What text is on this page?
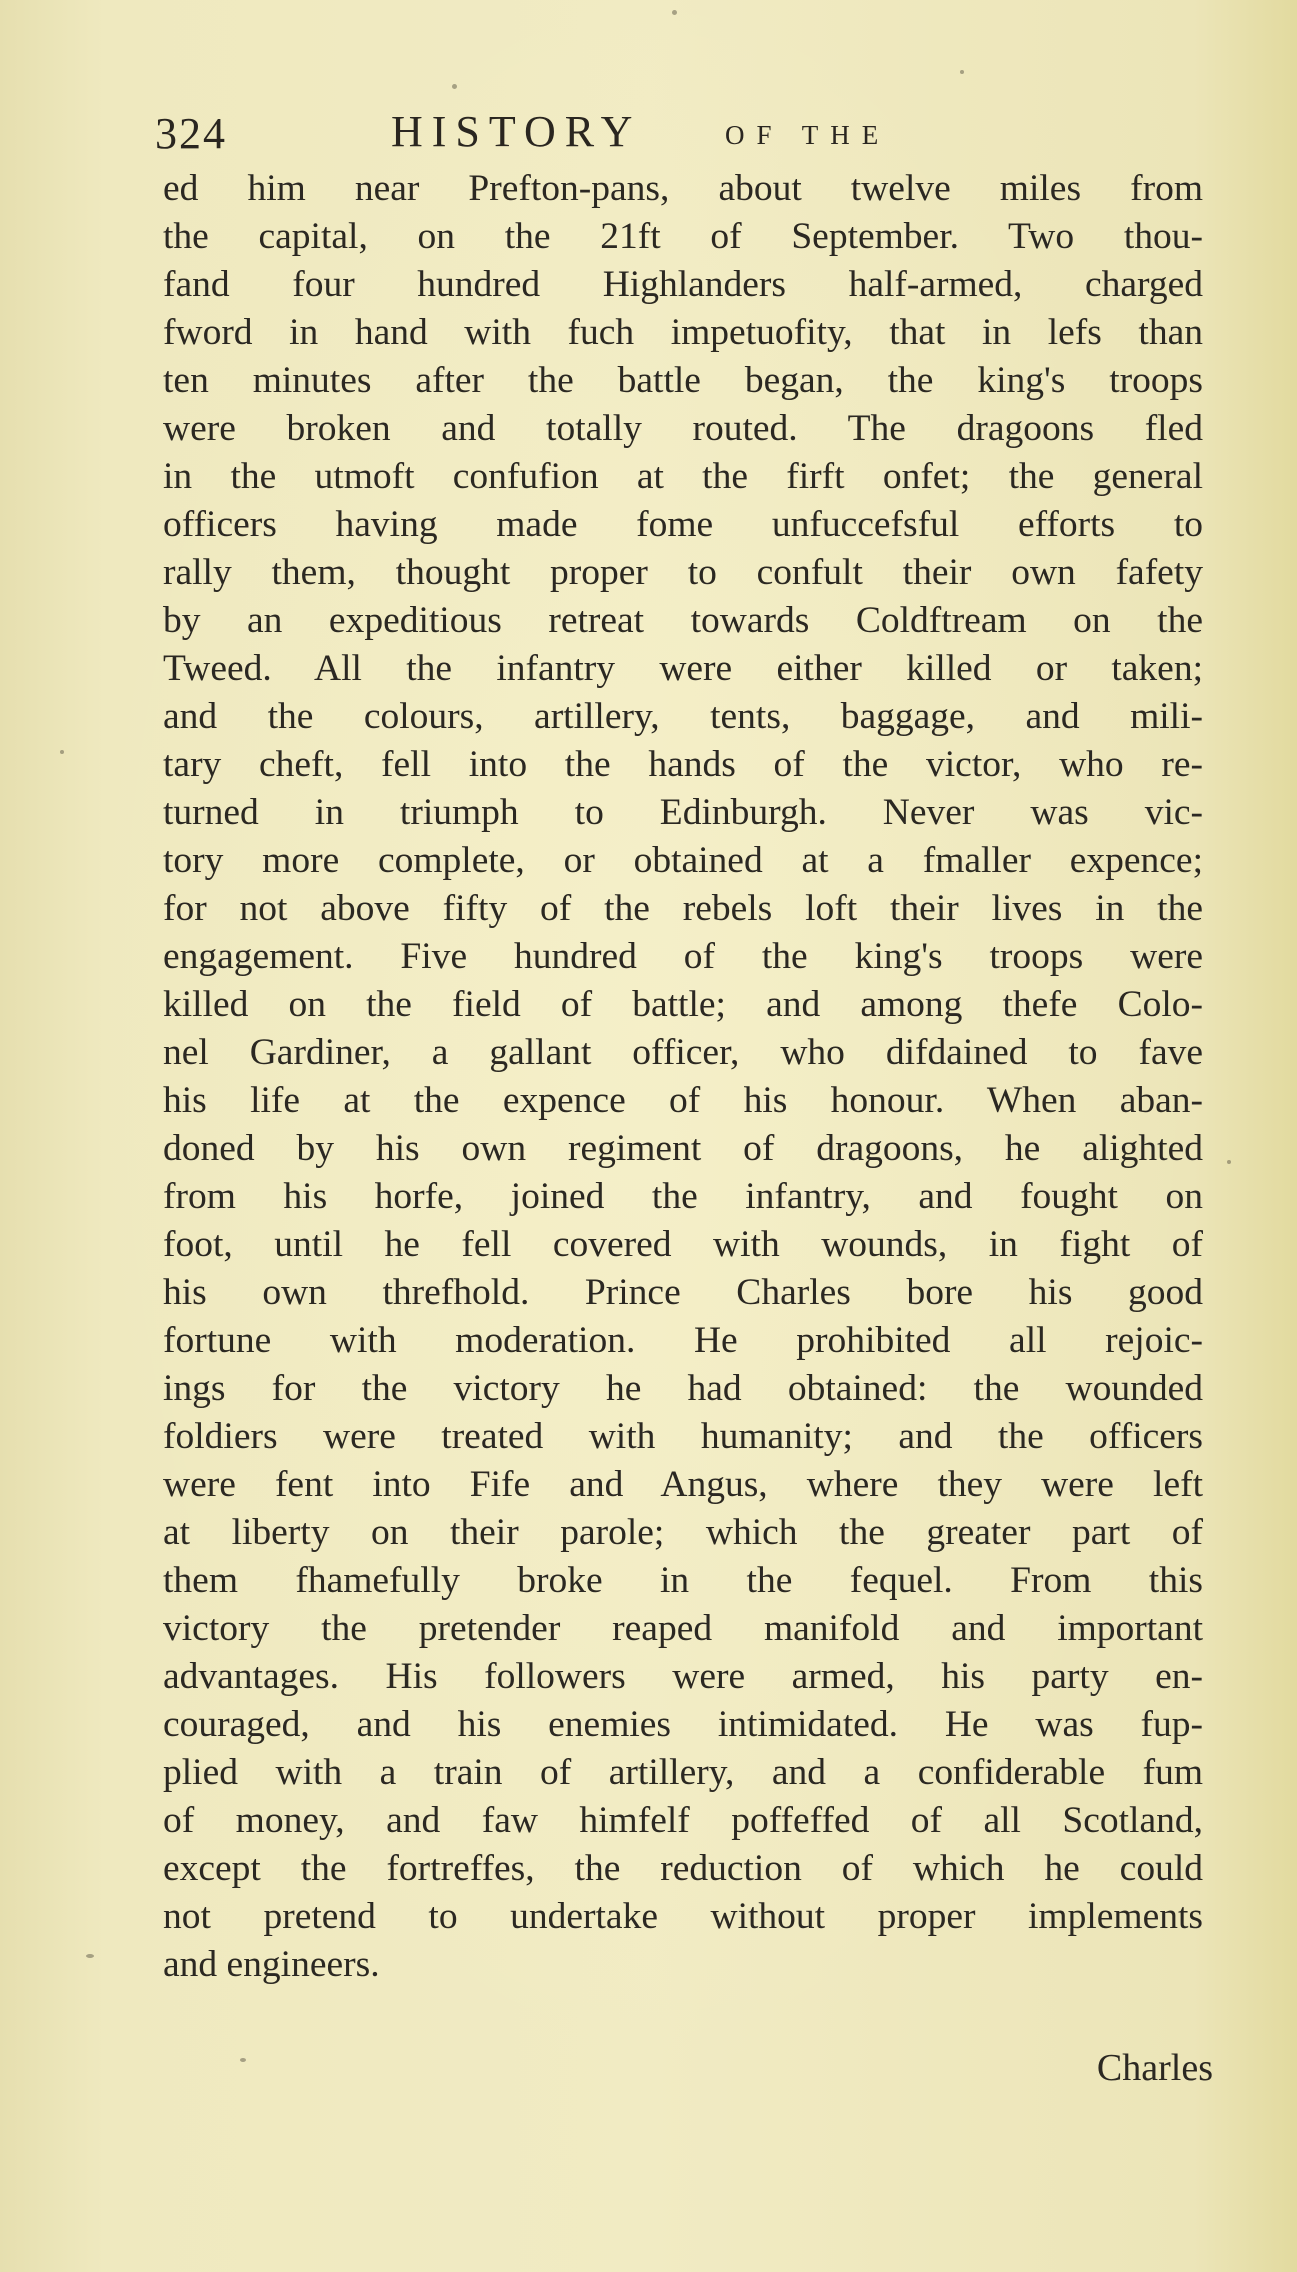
324	HISTORY	OF THE
ed him near Prefton-pans, about twelve miles from
the capital, on the 21ft of September. Two thou-
fand four hundred Highlanders half-armed, charged
fword in hand with fuch impetuofity, that in lefs than
ten minutes after the battle began, the king's troops
were broken and totally routed. The dragoons fled
in the utmoft confufion at the firft onfet; the general
officers having made fome unfuccefsful efforts to
rally them, thought proper to confult their own fafety
by an expeditious retreat towards Coldftream on the
Tweed. All the infantry were either killed or taken;
and the colours, artillery, tents, baggage, and mili-
tary cheft, fell into the hands of the victor, who re-
turned in triumph to Edinburgh. Never was vic-
tory more complete, or obtained at a fmaller expence;
for not above fifty of the rebels loft their lives in the
engagement. Five hundred of the king's troops were
killed on the field of battle; and among thefe Colo-
nel Gardiner, a gallant officer, who difdained to fave
his life at the expence of his honour. When aban-
doned by his own regiment of dragoons, he alighted
from his horfe, joined the infantry, and fought on
foot, until he fell covered with wounds, in fight of
his own threfhold. Prince Charles bore his good
fortune with moderation. He prohibited all rejoic-
ings for the victory he had obtained: the wounded
foldiers were treated with humanity; and the officers
were fent into Fife and Angus, where they were left
at liberty on their parole; which the greater part of
them fhamefully broke in the fequel. From this
victory the pretender reaped manifold and important
advantages. His followers were armed, his party en-
couraged, and his enemies intimidated. He was fup-
plied with a train of artillery, and a confiderable fum
of money, and faw himfelf poffeffed of all Scotland,
except the fortreffes, the reduction of which he could
not pretend to undertake without proper implements
and engineers.
Charles
